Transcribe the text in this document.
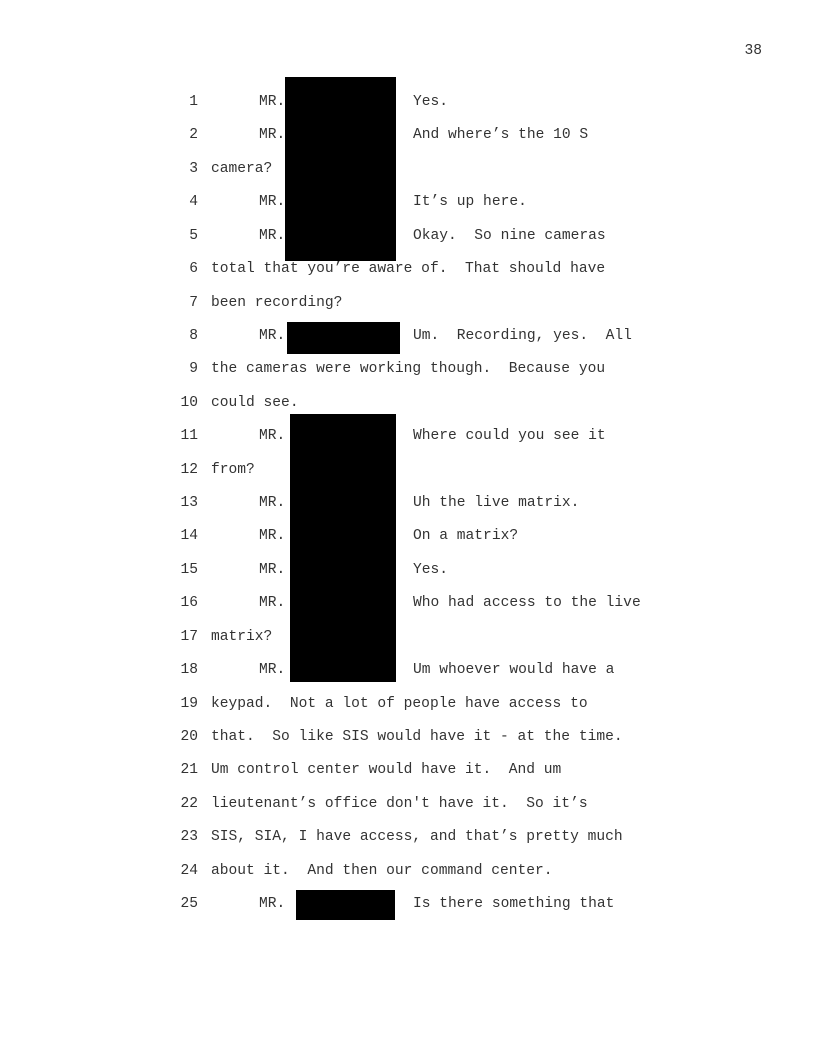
38
1	MR.	Yes.
2	MR.	And where’s the 10 S
3 camera?
4	MR.	It’s up here.
5	MR.	Okay.  So nine cameras
6 total that you’re aware of.  That should have
7 been recording?
8	MR.	Um.  Recording, yes.  All
9 the cameras were working though.  Because you
10 could see.
11	MR.	Where could you see it
12 from?
13	MR.	Uh the live matrix.
14	MR.	On a matrix?
15	MR.	Yes.
16	MR.	Who had access to the live
17 matrix?
18	MR.	Um whoever would have a
19 keypad.  Not a lot of people have access to
20 that.  So like SIS would have it - at the time.
21 Um control center would have it.  And um
22 lieutenant’s office don't have it.  So it’s
23 SIS, SIA, I have access, and that’s pretty much
24 about it.  And then our command center.
25	MR.	Is there something that
